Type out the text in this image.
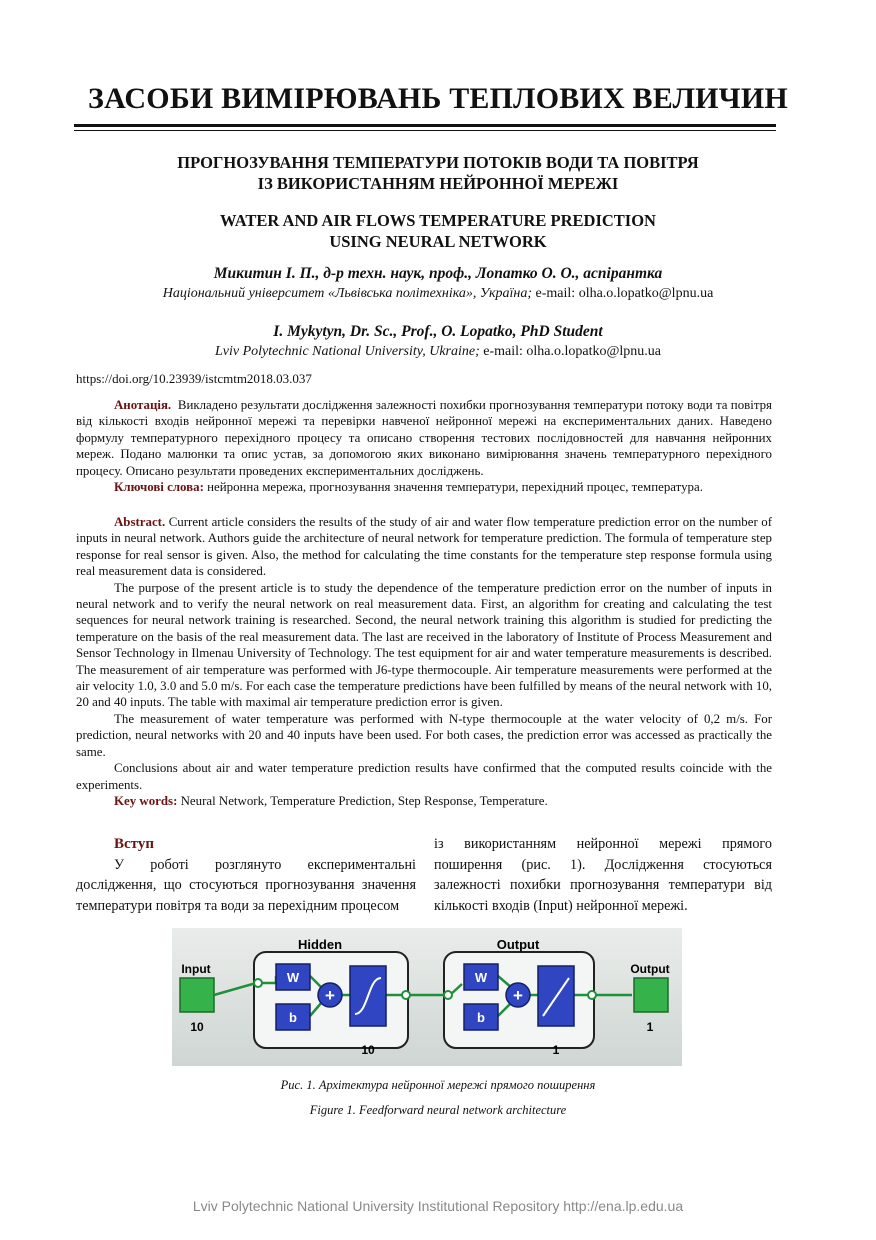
ЗАСОБИ ВИМІРЮВАНЬ ТЕПЛОВИХ ВЕЛИЧИН
ПРОГНОЗУВАННЯ ТЕМПЕРАТУРИ ПОТОКІВ ВОДИ ТА ПОВІТРЯ
ІЗ ВИКОРИСТАННЯМ НЕЙРОННОЇ МЕРЕЖІ
WATER AND AIR FLOWS TEMPERATURE PREDICTION
USING NEURAL NETWORK
Микитин І. П., д-р техн. наук, проф., Лопатко О. О., аспірантка
Національний університет «Львівська політехніка», Україна; e-mail: olha.o.lopatko@lpnu.ua
I. Mykytyn, Dr. Sc., Prof., O. Lopatko, PhD Student
Lviv Polytechnic National University, Ukraine; e-mail: olha.o.lopatko@lpnu.ua
https://doi.org/10.23939/istcmtm2018.03.037
Анотація. Викладено результати дослідження залежності похибки прогнозування температури потоку води та повітря від кількості входів нейронної мережі та перевірки навченої нейронної мережі на експериментальних даних. Наведено формулу температурного перехідного процесу та описано створення тестових послідовностей для навчання нейронних мереж. Подано малюнки та опис устав, за допомогою яких виконано вимірювання значень температурного перехідного процесу. Описано результати проведених експериментальних досліджень.
Ключові слова: нейронна мережа, прогнозування значення температури, перехідний процес, температура.
Abstract. Current article considers the results of the study of air and water flow temperature prediction error on the number of inputs in neural network. Authors guide the architecture of neural network for temperature prediction. The formula of temperature step response for real sensor is given. Also, the method for calculating the time constants for the temperature step response formula using real measurement data is considered.
The purpose of the present article is to study the dependence of the temperature prediction error on the number of inputs in neural network and to verify the neural network on real measurement data. First, an algorithm for creating and calculating the test sequences for neural network training is researched. Second, the neural network training this algorithm is studied for predicting the temperature on the basis of the real measurement data. The last are received in the laboratory of Institute of Process Measurement and Sensor Technology in Ilmenau University of Technology. The test equipment for air and water temperature measurements is described. The measurement of air temperature was performed with J6-type thermocouple. Air temperature measurements were performed at the air velocity 1.0, 3.0 and 5.0 m/s. For each case the temperature predictions have been fulfilled by means of the neural network with 10, 20 and 40 inputs. The table with maximal air temperature prediction error is given.
The measurement of water temperature was performed with N-type thermocouple at the water velocity of 0,2 m/s. For prediction, neural networks with 20 and 40 inputs have been used. For both cases, the prediction error was accessed as practically the same.
Conclusions about air and water temperature prediction results have confirmed that the computed results coincide with the experiments.
Key words: Neural Network, Temperature Prediction, Step Response, Temperature.
Вступ
У роботі розглянуто експериментальні дослідження, що стосуються прогнозування значення температури повітря та води за перехідним процесом
із використанням нейронної мережі прямого поширення (рис. 1). Дослідження стосуються залежності похибки прогнозування температури від кількості входів (Input) нейронної мережі.
Hidden	Output
Input
10
Output
1
W
b
+
10
W
b
+
1
Рис. 1. Архітектура нейронної мережі прямого поширення
Figure 1. Feedforward neural network architecture
Lviv Polytechnic National University Institutional Repository http://ena.lp.edu.ua
